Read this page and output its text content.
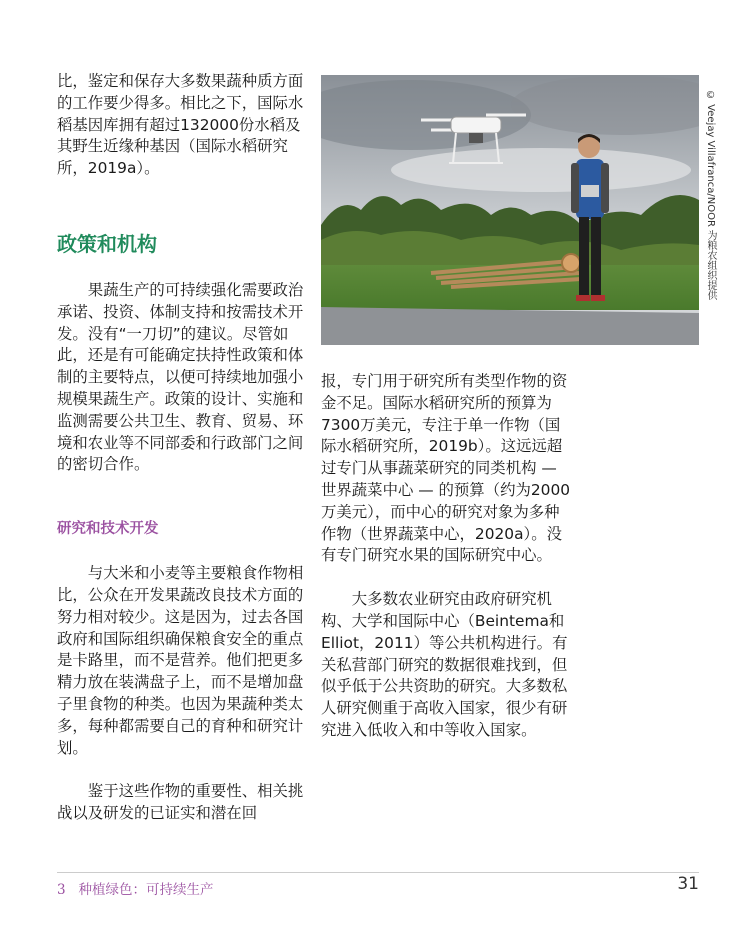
比，鉴定和保存大多数果蔬种质方面的工作要少得多。相比之下，国际水稻基因库拥有超过132000份水稻及其野生近缘种基因（国际水稻研究所，2019a）。

政策和机构

果蔬生产的可持续强化需要政治承诺、投资、体制支持和按需技术开发。没有“一刀切”的建议。尽管如此，还是有可能确定扶持性政策和体制的主要特点，以便可持续地加强小规模果蔬生产。政策的设计、实施和监测需要公共卫生、教育、贸易、环境和农业等不同部委和行政部门之间的密切合作。

研究和技术开发

与大米和小麦等主要粮食作物相比，公众在开发果蔬改良技术方面的努力相对较少。这是因为，过去各国政府和国际组织确保粮食安全的重点是卡路里，而不是营养。他们把更多精力放在装满盘子上，而不是增加盘子里食物的种类。也因为果蔬种类太多，每种都需要自己的育种和研究计划。

鉴于这些作物的重要性、相关挑战以及研发的已证实和潜在回

© Veejay Villafranca/NOOR 为粮农组织提供

报，专门用于研究所有类型作物的资金不足。国际水稻研究所的预算为7300万美元，专注于单一作物（国际水稻研究所，2019b）。这远远超过专门从事蔬菜研究的同类机构 — 世界蔬菜中心 — 的预算（约为2000万美元），而中心的研究对象为多种作物（世界蔬菜中心，2020a）。没有专门研究水果的国际研究中心。

大多数农业研究由政府研究机构、大学和国际中心（Beintema和Elliot，2011）等公共机构进行。有关私营部门研究的数据很难找到，但似乎低于公共资助的研究。大多数私人研究侧重于高收入国家，很少有研究进入低收入和中等收入国家。

3   种植绿色：可持续生产	31
